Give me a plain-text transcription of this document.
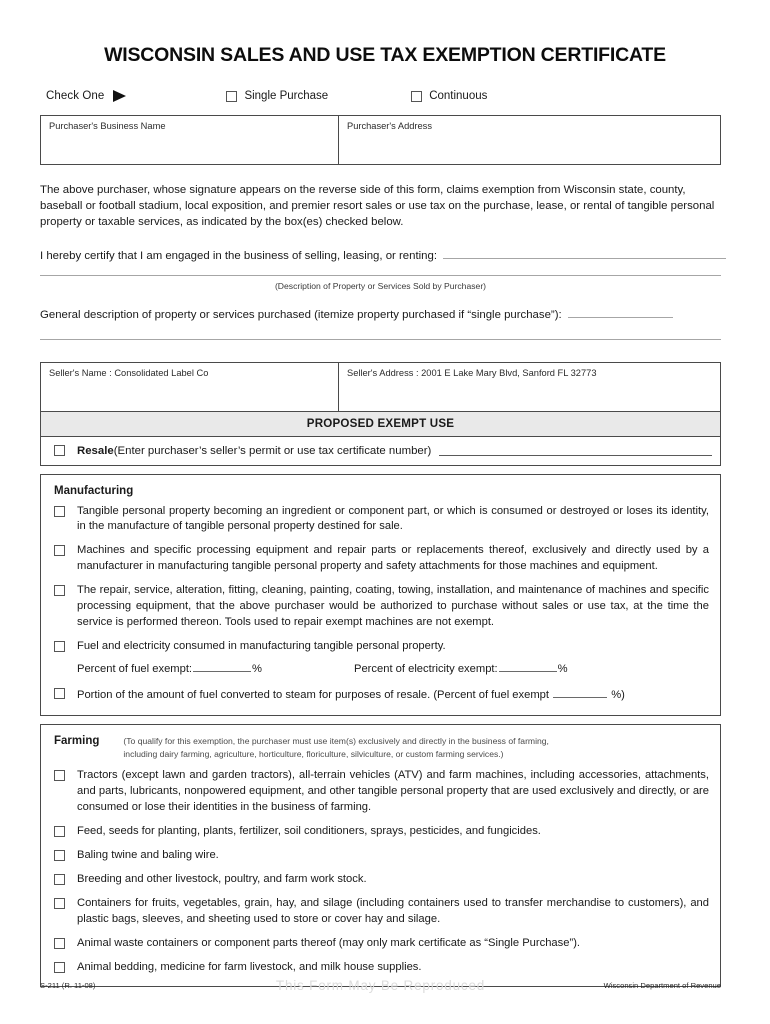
WISCONSIN SALES AND USE TAX EXEMPTION CERTIFICATE
Check One	Single Purchase	Continuous
Purchaser's Business Name	Purchaser's Address

The above purchaser, whose signature appears on the reverse side of this form, claims exemption from Wisconsin state, county, baseball or football stadium, local exposition, and premier resort sales or use tax on the purchase, lease, or rental of tangible personal property or taxable services, as indicated by the box(es) checked below.

I hereby certify that I am engaged in the business of selling, leasing, or renting:
(Description of Property or Services Sold by Purchaser)
General description of property or services purchased (itemize property purchased if “single purchase”):
Seller's Name : Consolidated Label Co	Seller's Address : 2001 E Lake Mary Blvd, Sanford FL 32773
PROPOSED EXEMPT USE
Resale (Enter purchaser’s seller’s permit or use tax certificate number)
Manufacturing
Tangible personal property becoming an ingredient or component part, or which is consumed or destroyed or loses its identity, in the manufacture of tangible personal property destined for sale.
Machines and specific processing equipment and repair parts or replacements thereof, exclusively and directly used by a manufacturer in manufacturing tangible personal property and safety attachments for those machines and equipment.
The repair, service, alteration, fitting, cleaning, painting, coating, towing, installation, and maintenance of machines and specific processing equipment, that the above purchaser would be authorized to purchase without sales or use tax, at the time the service is performed thereon. Tools used to repair exempt machines are not exempt.
Fuel and electricity consumed in manufacturing tangible personal property.
Percent of fuel exempt:	%	Percent of electricity exempt:	%
Portion of the amount of fuel converted to steam for purposes of resale. (Percent of fuel exempt	%)
Farming	(To qualify for this exemption, the purchaser must use item(s) exclusively and directly in the business of farming,
including dairy farming, agriculture, horticulture, floriculture, silviculture, or custom farming services.)
Tractors (except lawn and garden tractors), all-terrain vehicles (ATV) and farm machines, including accessories, attachments, and parts, lubricants, nonpowered equipment, and other tangible personal property that are used exclusively and directly, or are consumed or lose their identities in the business of farming.
Feed, seeds for planting, plants, fertilizer, soil conditioners, sprays, pesticides, and fungicides.
Baling twine and baling wire.
Breeding and other livestock, poultry, and farm work stock.
Containers for fruits, vegetables, grain, hay, and silage (including containers used to transfer merchandise to customers), and plastic bags, sleeves, and sheeting used to store or cover hay and silage.
Animal waste containers or component parts thereof (may only mark certificate as “Single Purchase”).
Animal bedding, medicine for farm livestock, and milk house supplies.
S-211 (R. 11-08)	This Form May Be Reproduced	Wisconsin Department of Revenue
